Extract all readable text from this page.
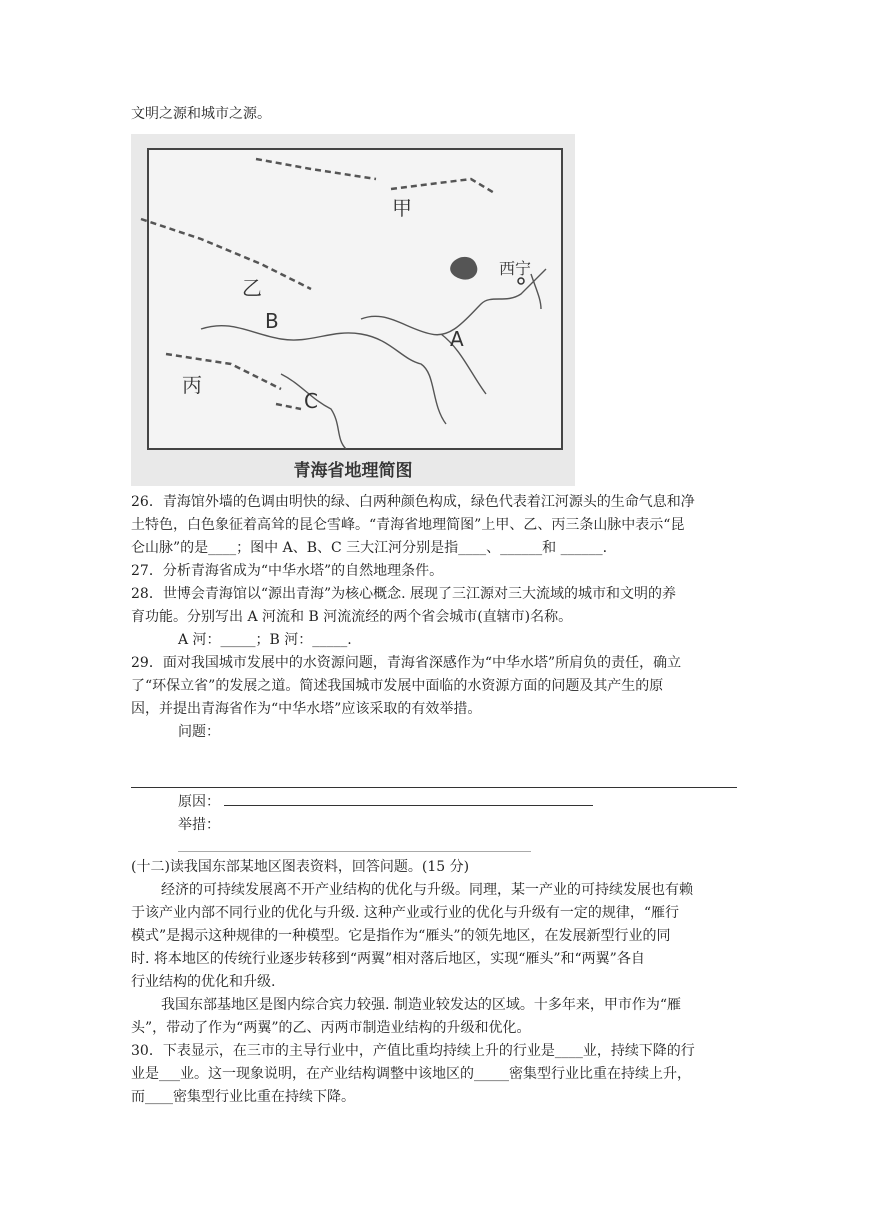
文明之源和城市之源。
甲
乙
丙
B
A
C
西宁
青海省地理简图
26．青海馆外墙的色调由明快的绿、白两种颜色构成，绿色代表着江河源头的生命气息和净
土特色，白色象征着高耸的昆仑雪峰。“青海省地理简图”上甲、乙、丙三条山脉中表示“昆
仑山脉”的是____；图中 A、B、C 三大江河分别是指____、______和 ______.
27．分析青海省成为“中华水塔”的自然地理条件。
28．世博会青海馆以“源出青海”为核心概念. 展现了三江源对三大流域的城市和文明的养
育功能。分别写出 A 河流和 B 河流流经的两个省会城市(直辖市)名称。
A 河：_____；B 河：_____.
29．面对我国城市发展中的水资源问题，青海省深感作为“中华水塔”所肩负的责任，确立
了“环保立省”的发展之道。简述我国城市发展中面临的水资源方面的问题及其产生的原
因，并提出青海省作为“中华水塔”应该采取的有效举措。
问题：
原因：
举措：
(十二)读我国东部某地区图表资料，回答问题。(15 分)
经济的可持续发展离不开产业结构的优化与升级。同理，某一产业的可持续发展也有赖
于该产业内部不同行业的优化与升级. 这种产业或行业的优化与升级有一定的规律，“雁行
模式”是揭示这种规律的一种模型。它是指作为“雁头”的领先地区，在发展新型行业的同
时. 将本地区的传统行业逐步转移到“两翼”相对落后地区，实现“雁头”和“两翼”各自
行业结构的优化和升级.
我国东部基地区是图内综合宾力较强. 制造业较发达的区域。十多年来，甲市作为“雁
头”，带动了作为“两翼”的乙、丙两市制造业结构的升级和优化。
30．下表显示，在三市的主导行业中，产值比重均持续上升的行业是____业，持续下降的行
业是___业。这一现象说明，在产业结构调整中该地区的_____密集型行业比重在持续上升，
而____密集型行业比重在持续下降。
